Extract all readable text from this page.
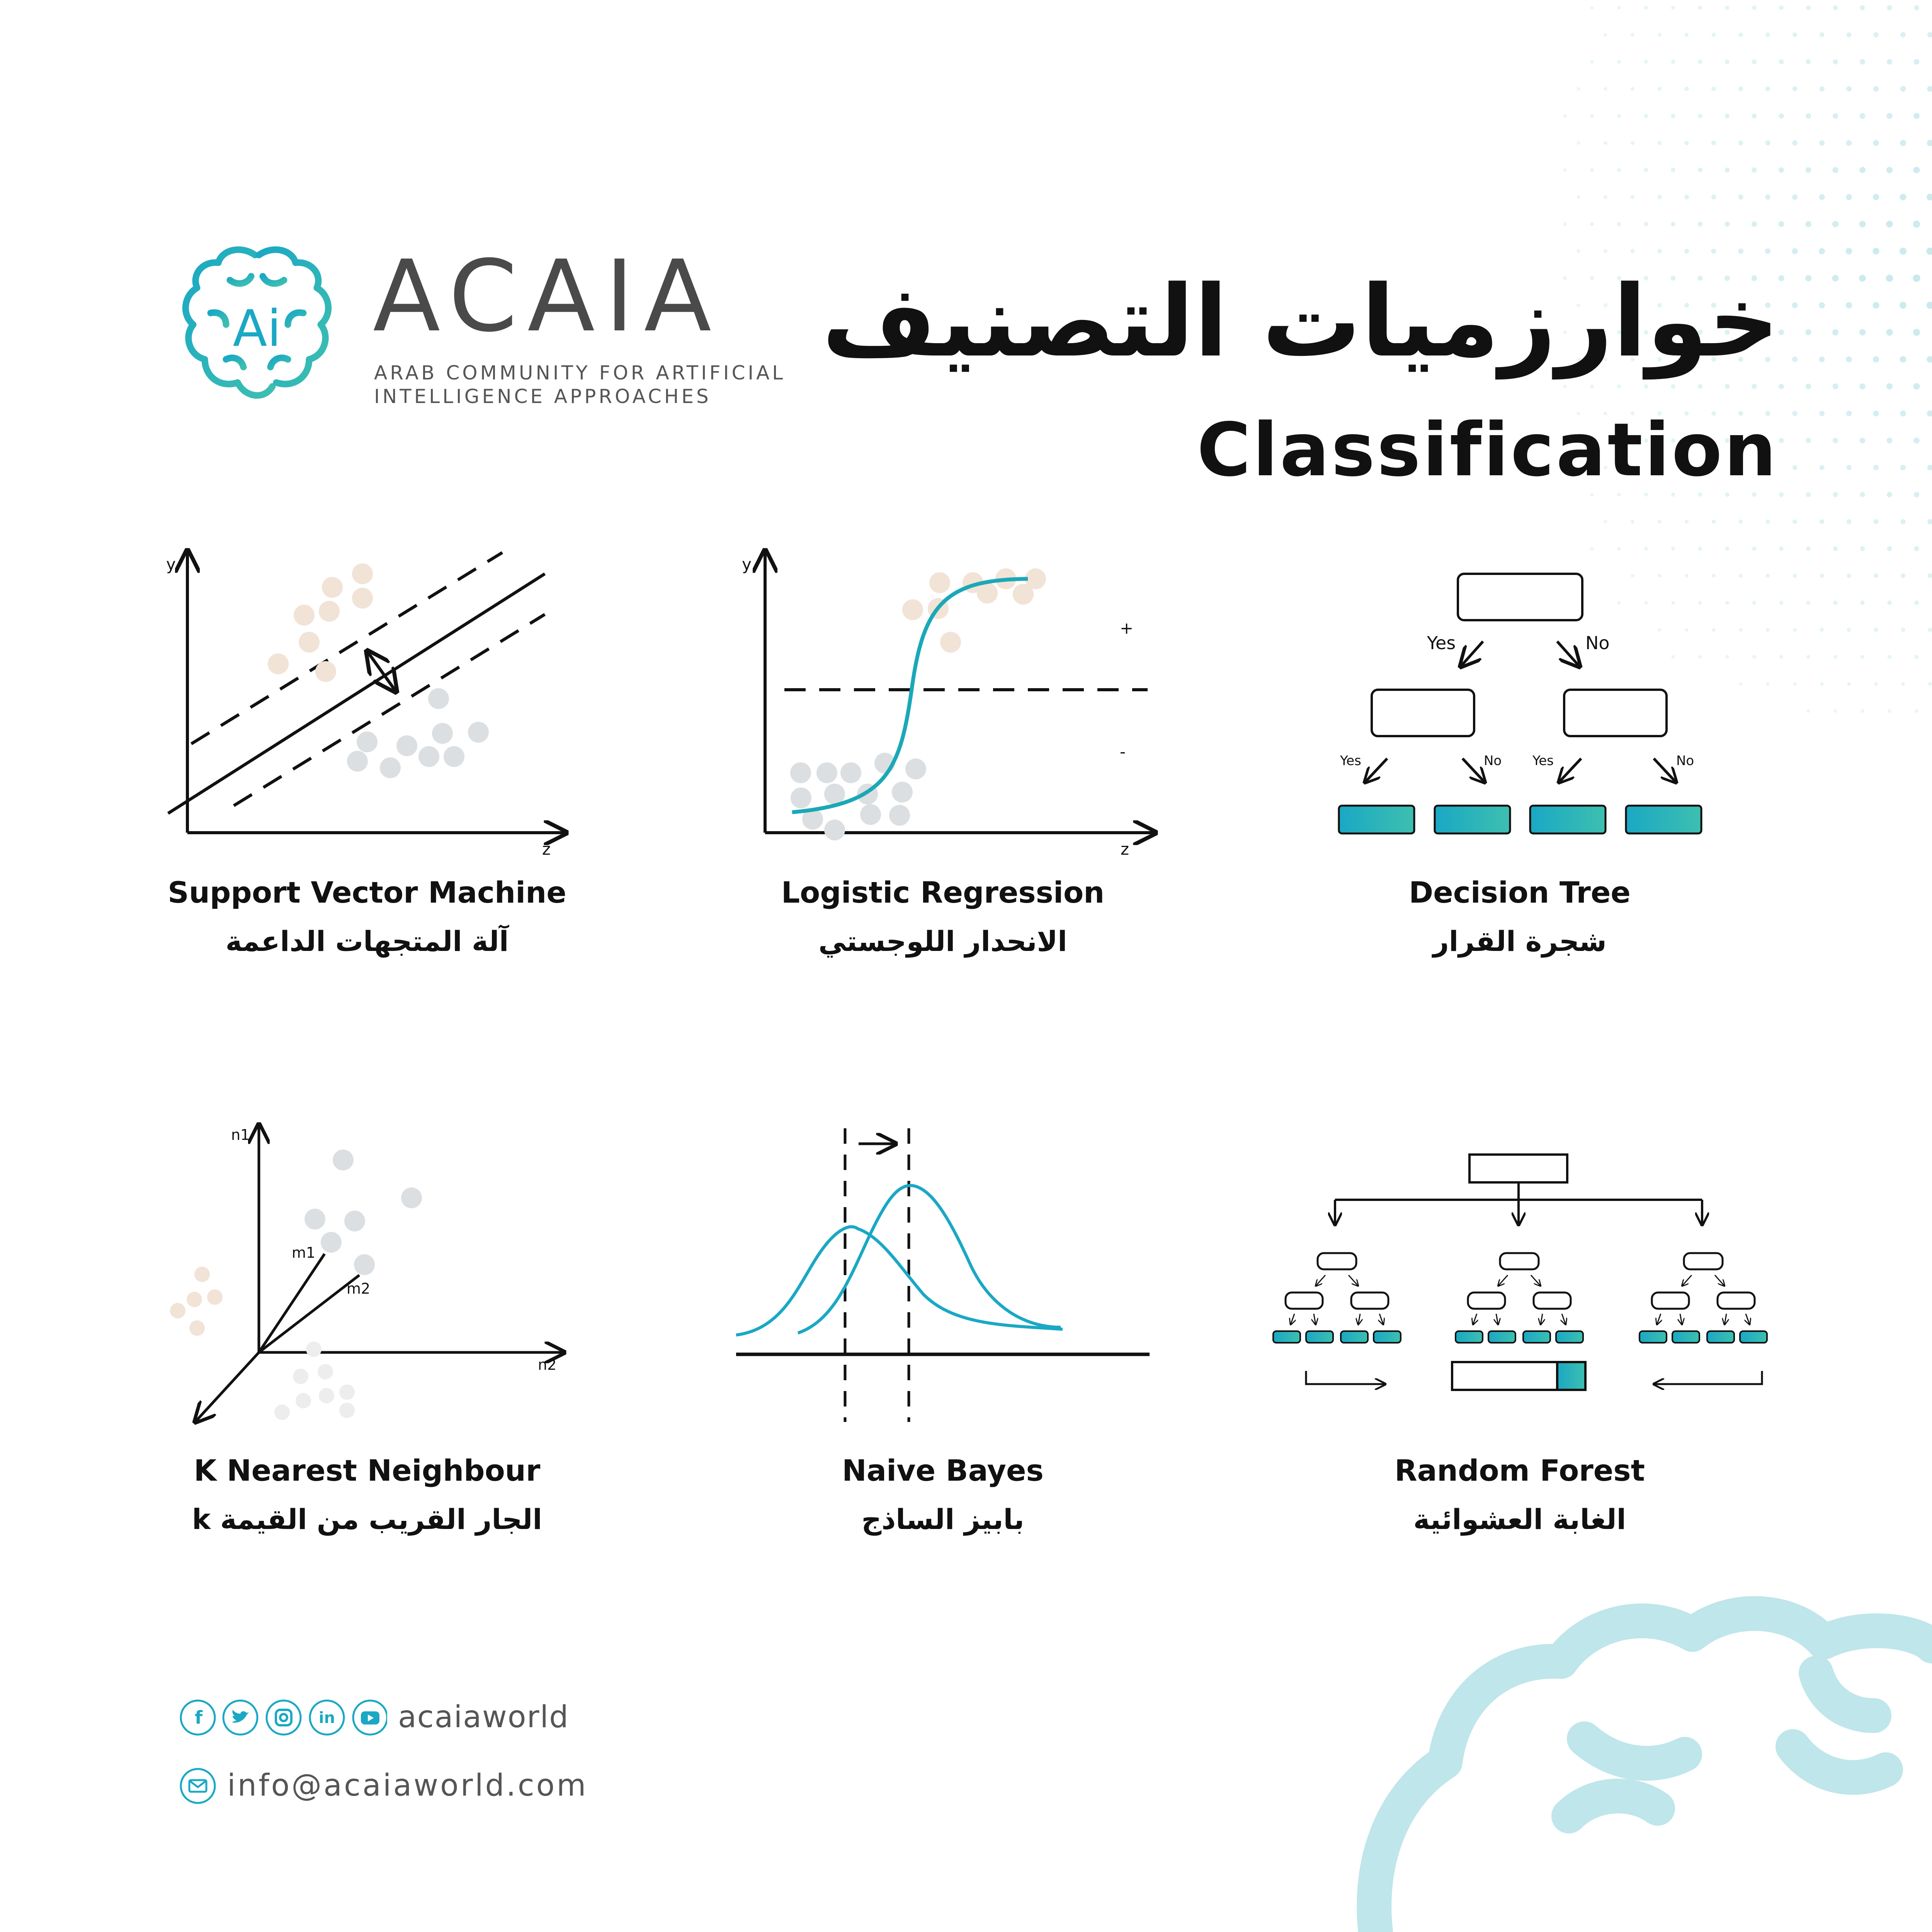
Ai ACAIA
ARAB COMMUNITY FOR ARTIFICIAL
INTELLIGENCE APPROACHES
خوارزميات التصنيف
Classification
y
z
y
z
+
-
Yes	No
Yes	No Yes	No
n1
n2
m1
m2
Support Vector Machine
آلة المتجهات الداعمة
Logistic Regression
الانحدار اللوجستي
Decision Tree
شجرة القرار
K Nearest Neighbour
الجار القريب من القيمة k
Naive Bayes
بابيز الساذج
Random Forest
الغابة العشوائية
f	in acaiaworld
info@acaiaworld.com
